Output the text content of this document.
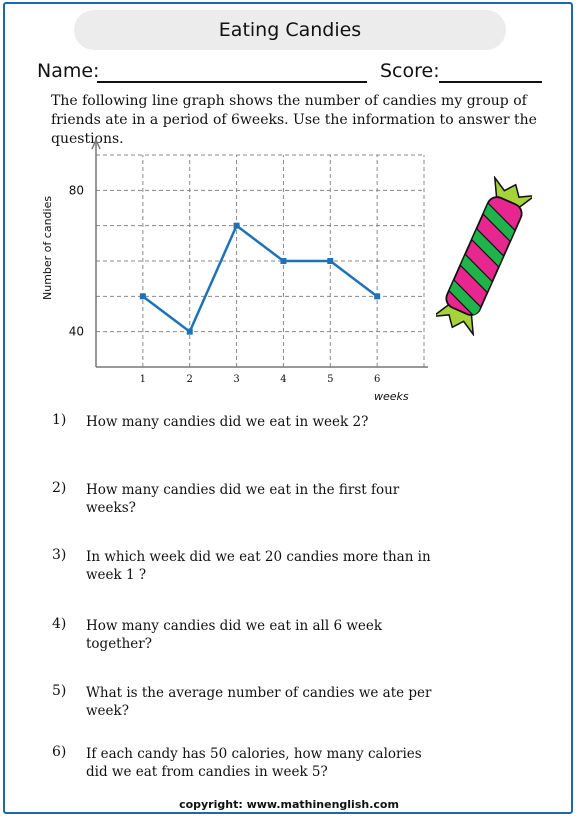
Eating Candies
Name:	Score:
The following line graph shows the number of candies my group of friends ate in a period of 6weeks. Use the information to answer the questions.
1	2	3	4	5	6
40
80
Number of candies
weeks
1) How many candies did we eat in week 2?
2) How many candies did we eat in the first four weeks?
3) In which week did we eat 20 candies more than in week 1 ?
4) How many candies did we eat in all 6 week together?
5) What is the average number of candies we ate per week?
6) If each candy has 50 calories, how many calories did we eat from candies in week 5?
copyright: www.mathinenglish.com
